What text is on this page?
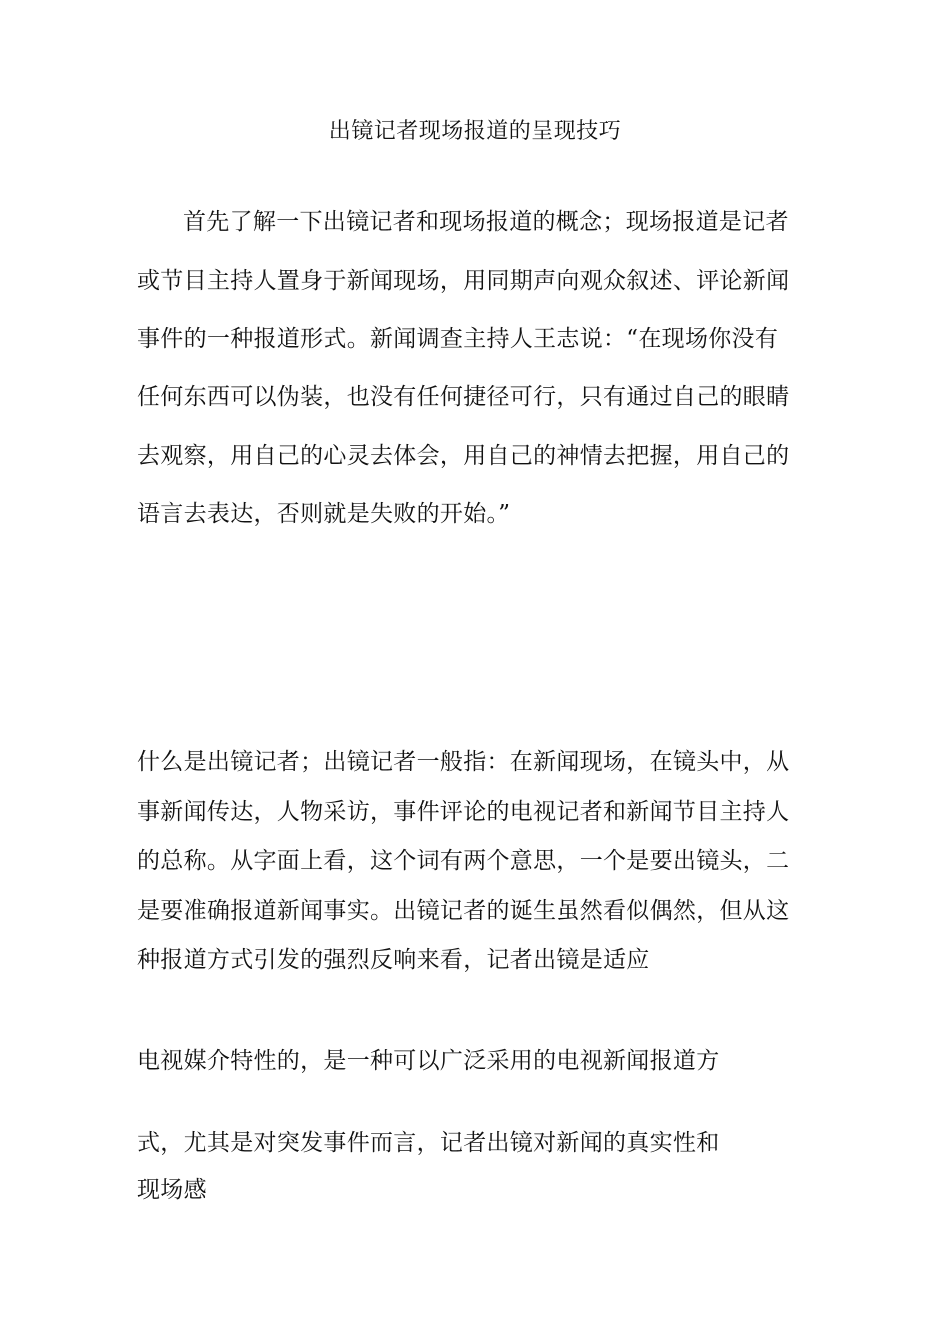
出镜记者现场报道的呈现技巧
首先了解一下出镜记者和现场报道的概念；现场报道是记者
或节目主持人置身于新闻现场，用同期声向观众叙述、评论新闻
事件的一种报道形式。新闻调查主持人王志说：“在现场你没有
任何东西可以伪装，也没有任何捷径可行，只有通过自己的眼睛
去观察，用自己的心灵去体会，用自己的神情去把握，用自己的
语言去表达，否则就是失败的开始。”
什么是出镜记者；出镜记者一般指：在新闻现场，在镜头中，从
事新闻传达，人物采访，事件评论的电视记者和新闻节目主持人
的总称。从字面上看，这个词有两个意思，一个是要出镜头，二
是要准确报道新闻事实。出镜记者的诞生虽然看似偶然，但从这
种报道方式引发的强烈反响来看，记者出镜是适应
电视媒介特性的，是一种可以广泛采用的电视新闻报道方
式，尤其是对突发事件而言，记者出镜对新闻的真实性和
现场感
